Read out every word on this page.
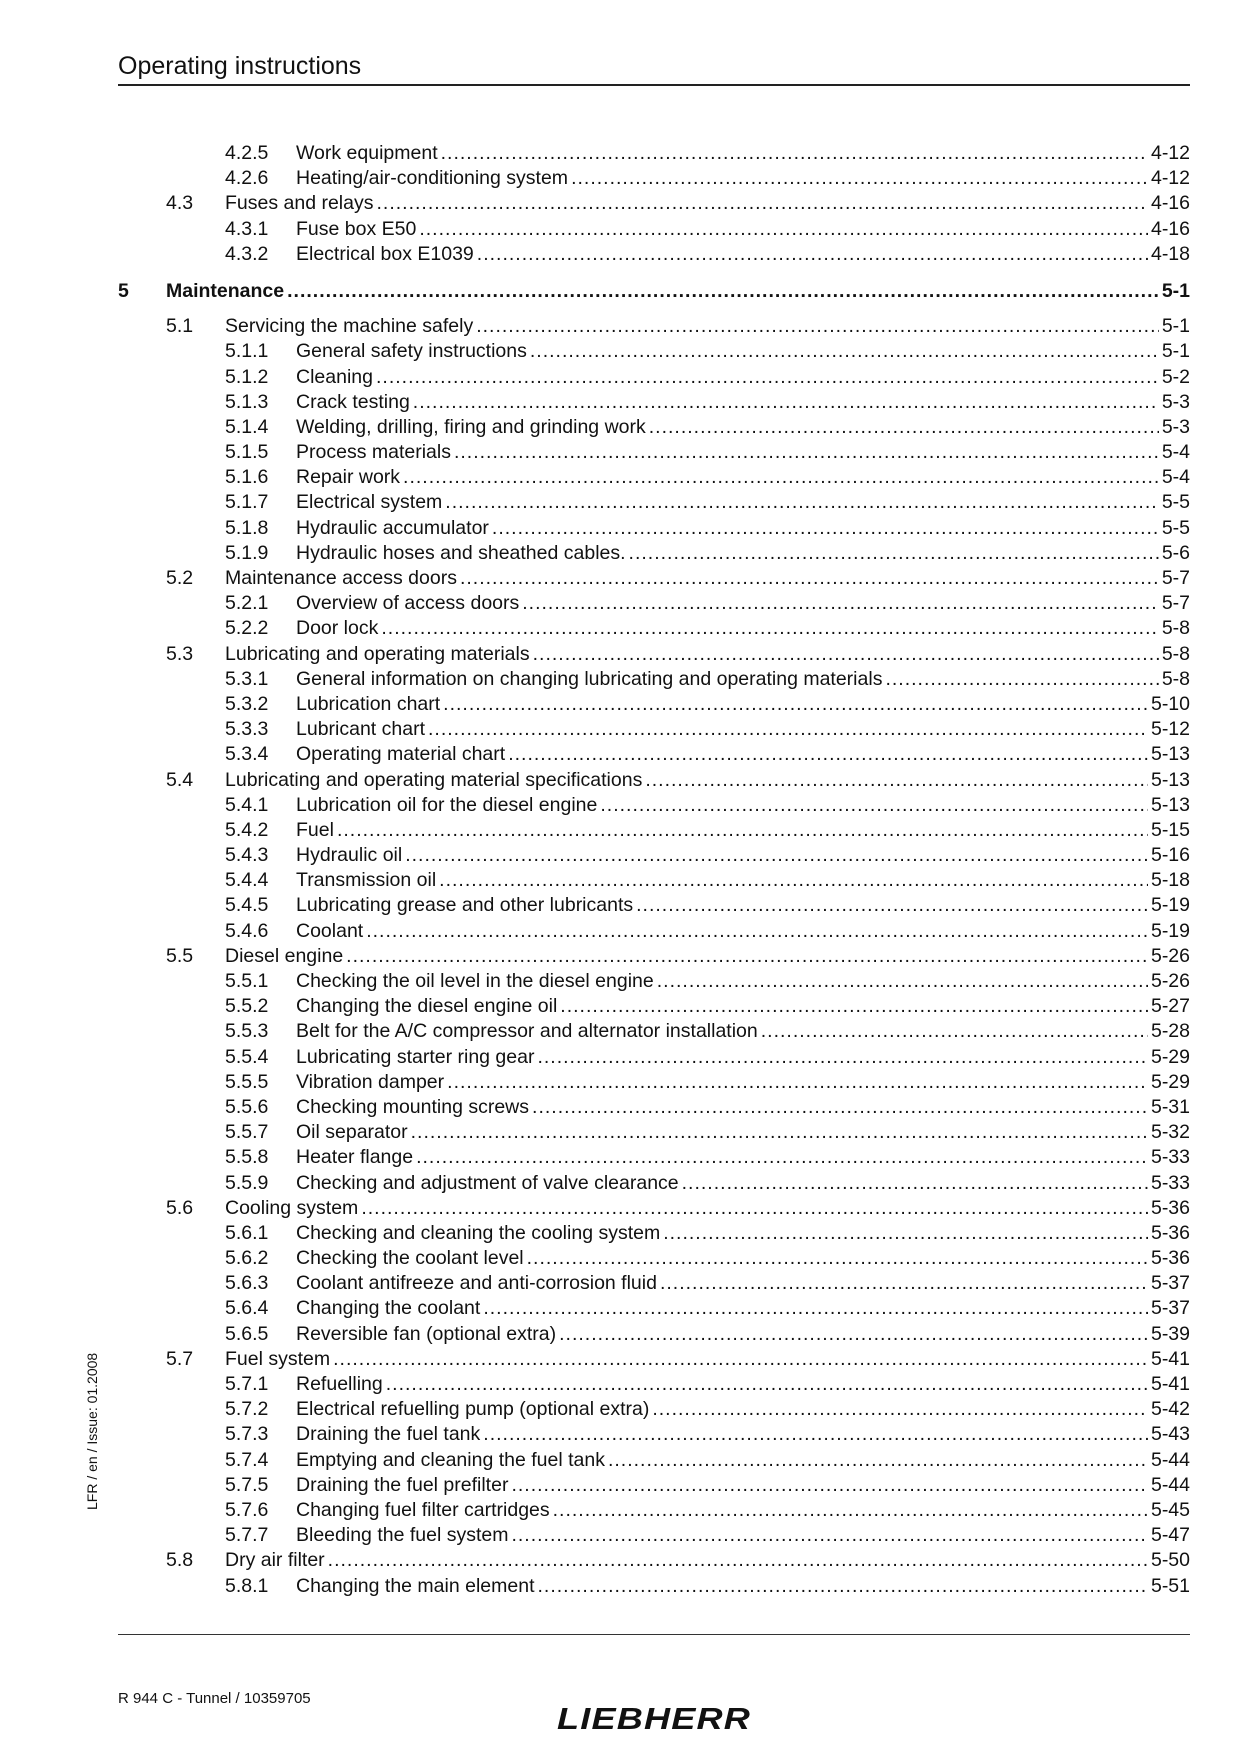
Operating instructions
4.2.5 Work equipment .....	4-12
4.2.6 Heating/air-conditioning system .....	4-12
4.3 Fuses and relays .....	4-16
4.3.1 Fuse box E50 .....	4-16
4.3.2 Electrical box E1039 .....	4-18
5 Maintenance .....	5-1
5.1 Servicing the machine safely .....	5-1
5.1.1 General safety instructions .....	5-1
5.1.2 Cleaning .....	5-2
5.1.3 Crack testing .....	5-3
5.1.4 Welding, drilling, firing and grinding work .....	5-3
5.1.5 Process materials .....	5-4
5.1.6 Repair work .....	5-4
5.1.7 Electrical system .....	5-5
5.1.8 Hydraulic accumulator .....	5-5
5.1.9 Hydraulic hoses and sheathed cables. .....	5-6
5.2 Maintenance access doors .....	5-7
5.2.1 Overview of access doors .....	5-7
5.2.2 Door lock .....	5-8
5.3 Lubricating and operating materials .....	5-8
5.3.1 General information on changing lubricating and operating materials .....	5-8
5.3.2 Lubrication chart .....	5-10
5.3.3 Lubricant chart .....	5-12
5.3.4 Operating material chart .....	5-13
5.4 Lubricating and operating material specifications .....	5-13
5.4.1 Lubrication oil for the diesel engine .....	5-13
5.4.2 Fuel .....	5-15
5.4.3 Hydraulic oil .....	5-16
5.4.4 Transmission oil .....	5-18
5.4.5 Lubricating grease and other lubricants .....	5-19
5.4.6 Coolant .....	5-19
5.5 Diesel engine .....	5-26
5.5.1 Checking the oil level in the diesel engine .....	5-26
5.5.2 Changing the diesel engine oil .....	5-27
5.5.3 Belt for the A/C compressor and alternator installation .....	5-28
5.5.4 Lubricating starter ring gear .....	5-29
5.5.5 Vibration damper .....	5-29
5.5.6 Checking mounting screws .....	5-31
5.5.7 Oil separator .....	5-32
5.5.8 Heater flange .....	5-33
5.5.9 Checking and adjustment of valve clearance .....	5-33
5.6 Cooling system .....	5-36
5.6.1 Checking and cleaning the cooling system .....	5-36
5.6.2 Checking the coolant level .....	5-36
5.6.3 Coolant antifreeze and anti-corrosion fluid .....	5-37
5.6.4 Changing the coolant .....	5-37
5.6.5 Reversible fan (optional extra) .....	5-39
5.7 Fuel system .....	5-41
5.7.1 Refuelling .....	5-41
5.7.2 Electrical refuelling pump (optional extra) .....	5-42
5.7.3 Draining the fuel tank .....	5-43
5.7.4 Emptying and cleaning the fuel tank .....	5-44
5.7.5 Draining the fuel prefilter .....	5-44
5.7.6 Changing fuel filter cartridges .....	5-45
5.7.7 Bleeding the fuel system .....	5-47
5.8 Dry air filter .....	5-50
5.8.1 Changing the main element .....	5-51
LFR / en / Issue: 01.2008
R 944 C - Tunnel / 10359705
LIEBHERR
